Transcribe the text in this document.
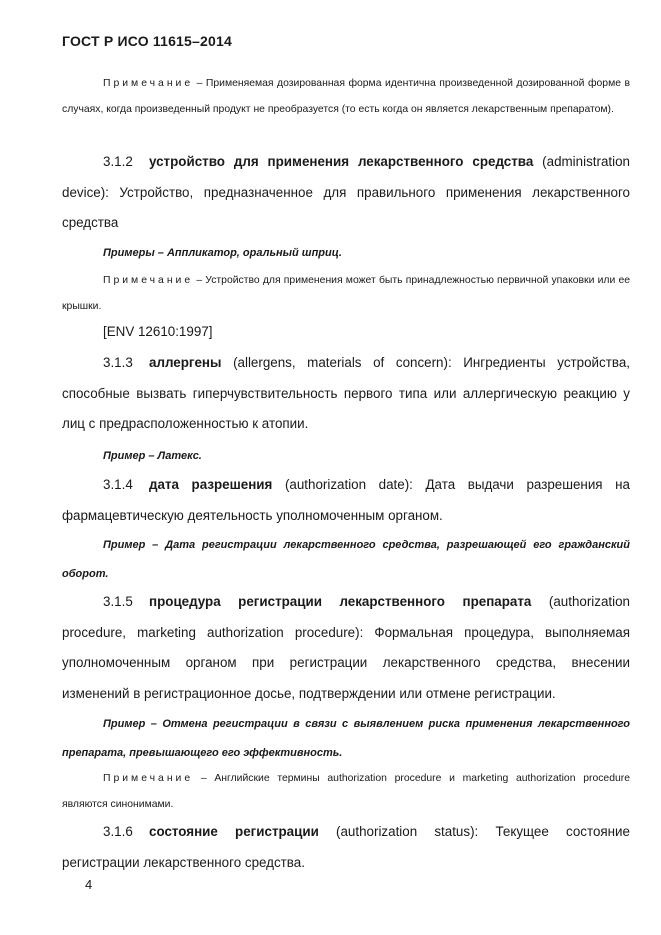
ГОСТ Р ИСО 11615–2014
Примечание – Применяемая дозированная форма идентична произведенной дозированной форме в случаях, когда произведенный продукт не преобразуется (то есть когда он является лекарственным препаратом).
3.1.2 устройство для применения лекарственного средства (administration device): Устройство, предназначенное для правильного применения лекарственного средства
Примеры – Аппликатор, оральный шприц.
Примечание – Устройство для применения может быть принадлежностью первичной упаковки или ее крышки.
[ENV 12610:1997]
3.1.3 аллергены (allergens, materials of concern): Ингредиенты устройства, способные вызвать гиперчувствительность первого типа или аллергическую реакцию у лиц с предрасположенностью к атопии.
Пример – Латекс.
3.1.4 дата разрешения (authorization date): Дата выдачи разрешения на фармацевтическую деятельность уполномоченным органом.
Пример – Дата регистрации лекарственного средства, разрешающей его гражданский оборот.
3.1.5 процедура регистрации лекарственного препарата (authorization procedure, marketing authorization procedure): Формальная процедура, выполняемая уполномоченным органом при регистрации лекарственного средства, внесении изменений в регистрационное досье, подтверждении или отмене регистрации.
Пример – Отмена регистрации в связи с выявлением риска применения лекарственного препарата, превышающего его эффективность.
Примечание – Английские термины authorization procedure и marketing authorization procedure являются синонимами.
3.1.6 состояние регистрации (authorization status): Текущее состояние регистрации лекарственного средства.
4
